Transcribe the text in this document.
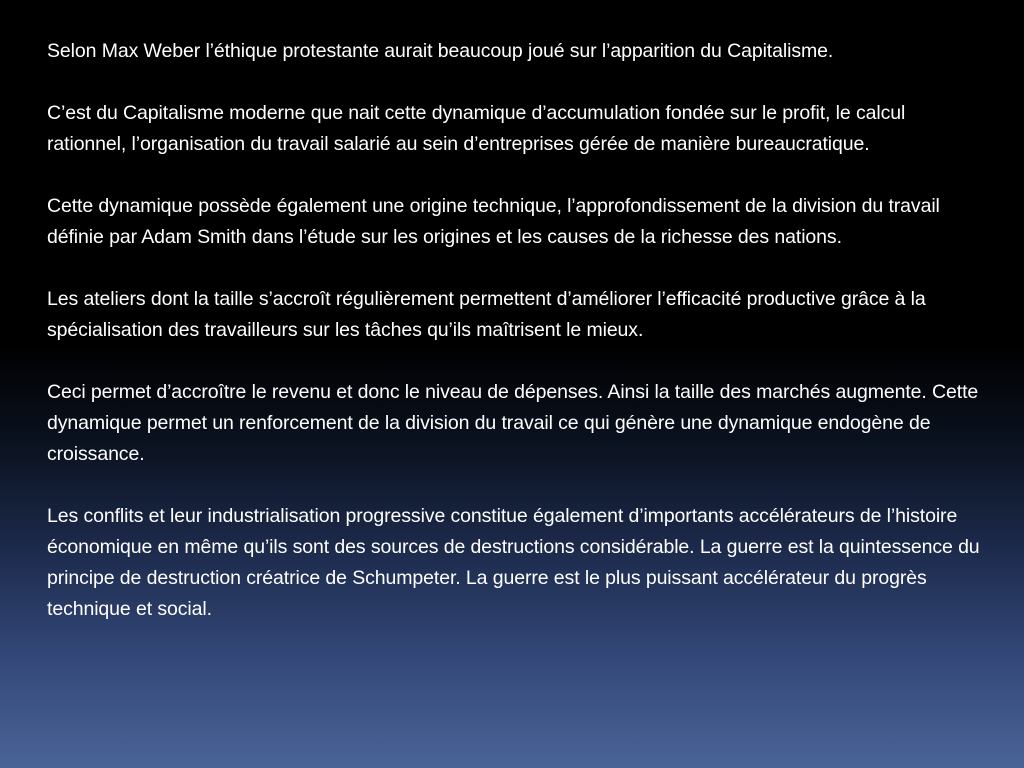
Selon Max Weber l’éthique protestante aurait beaucoup joué sur l’apparition du Capitalisme.

C’est du Capitalisme moderne que nait cette dynamique d’accumulation fondée sur le profit, le calcul rationnel, l’organisation du travail salarié au sein d’entreprises gérée de manière bureaucratique.

Cette dynamique possède également une origine technique, l’approfondissement de la division du travail définie par Adam Smith dans l’étude sur les origines et les causes de la richesse des nations.

Les ateliers dont la taille s’accroît régulièrement permettent d’améliorer l’efficacité productive grâce à la spécialisation des travailleurs sur les tâches qu’ils maîtrisent le mieux.

Ceci permet d’accroître le revenu et donc le niveau de dépenses. Ainsi la taille des marchés augmente. Cette dynamique permet un renforcement de la division du travail ce qui génère une dynamique endogène de croissance.

Les conflits et leur industrialisation progressive constitue également d’importants accélérateurs de l’histoire économique en même qu’ils sont des sources de destructions considérable. La guerre est la quintessence du principe de destruction créatrice de Schumpeter. La guerre est le plus puissant accélérateur du progrès technique et social.
